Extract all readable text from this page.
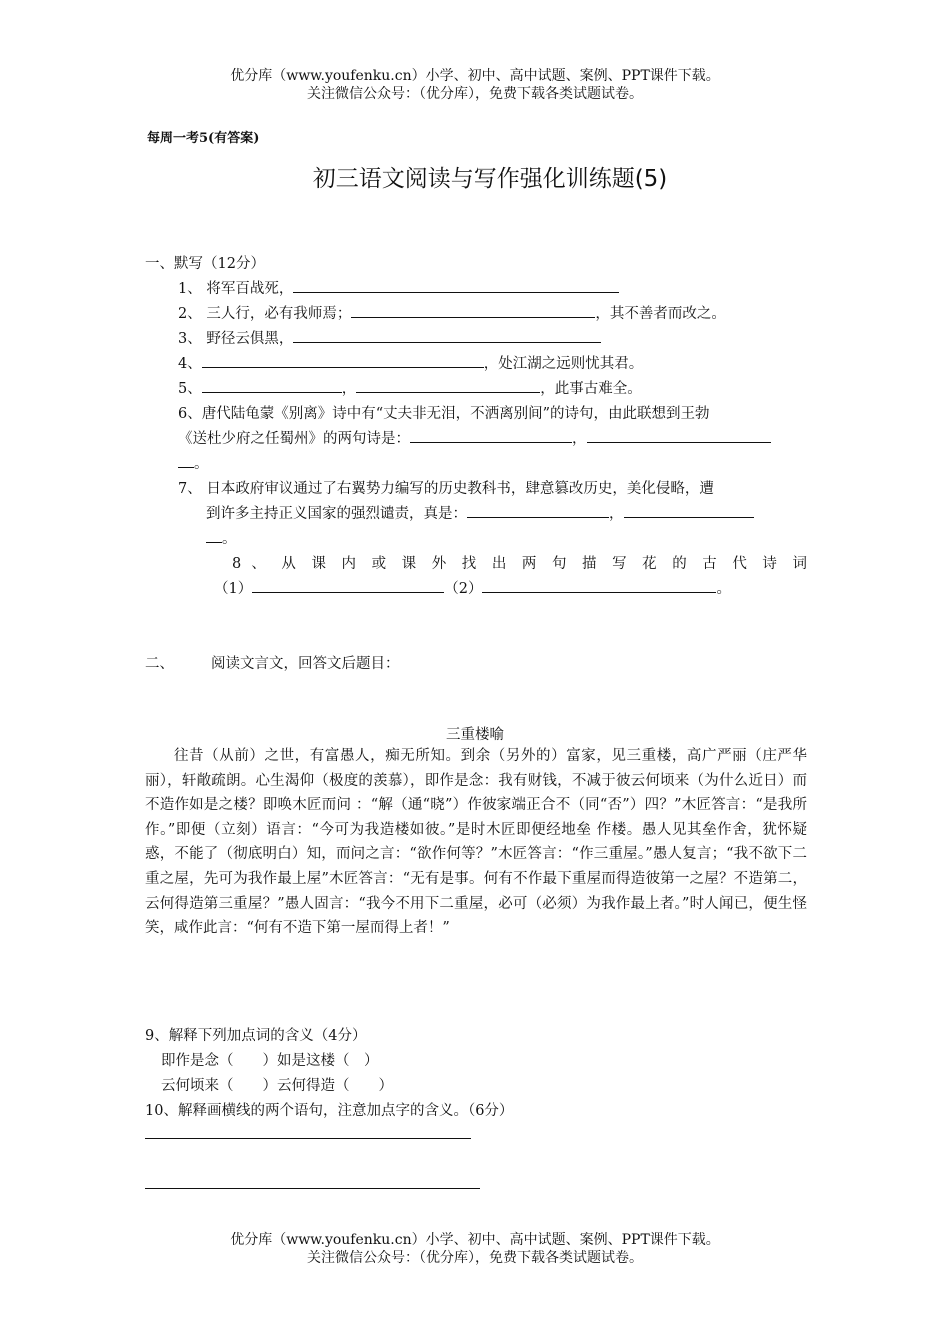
优分库（www.youfenku.cn）小学、初中、高中试题、案例、PPT课件下载。
关注微信公众号：（优分库），免费下载各类试题试卷。
每周一考5(有答案)
初三语文阅读与写作强化训练题(5)
一、默写（12分）
1、 将军百战死，
2、 三人行，必有我师焉；	，其不善者而改之。
3、 野径云俱黑，
4、	，处江湖之远则忧其君。
5、	，	，此事古难全。
6、唐代陆龟蒙《别离》诗中有“丈夫非无泪，不洒离别间”的诗句，由此联想到王勃
《送杜少府之任蜀州》的两句诗是：	，
。
7、 日本政府审议通过了右翼势力编写的历史教科书，肆意篡改历史，美化侵略，遭
到许多主持正义国家的强烈谴责，真是：	，
。
8 、 从 课 内 或 课 外 找 出 两 句 描 写 花 的 古 代 诗 词
（1）	（2）	。
二、	阅读文言文，回答文后题目：
三重楼喻
往昔（从前）之世，有富愚人，痴无所知。到余（另外的）富家，见三重楼，高广严丽（庄严华丽），轩敞疏朗。心生渴仰（极度的羡慕），即作是念：我有财钱，不减于彼云何顷来（为什么近日）而不造作如是之楼？即唤木匠而问 ：“解（通“晓”）作彼家端正合不（同“否”）四？”木匠答言：“是我所作。”即便（立刻）语言：“今可为我造楼如彼。”是时木匠即便经地垒 作楼。愚人见其垒作舍，犹怀疑惑，不能了（彻底明白）知，而问之言：“欲作何等？”木匠答言：“作三重屋。”愚人复言；“我不欲下二重之屋，先可为我作最上屋”木匠答言：“无有是事。何有不作最下重屋而得造彼第一之屋？不造第二，云何得造第三重屋？”愚人固言：“我今不用下二重屋，必可（必须）为我作最上者。”时人闻已，便生怪笑，咸作此言：“何有不造下第一屋而得上者！”
9、解释下列加点词的含义（4分）
即作是念（　　）如是这楼（　）
云何顷来（　　）云何得造（　　）
10、解释画横线的两个语句，注意加点字的含义。（6分）
优分库（www.youfenku.cn）小学、初中、高中试题、案例、PPT课件下载。
关注微信公众号：（优分库），免费下载各类试题试卷。
